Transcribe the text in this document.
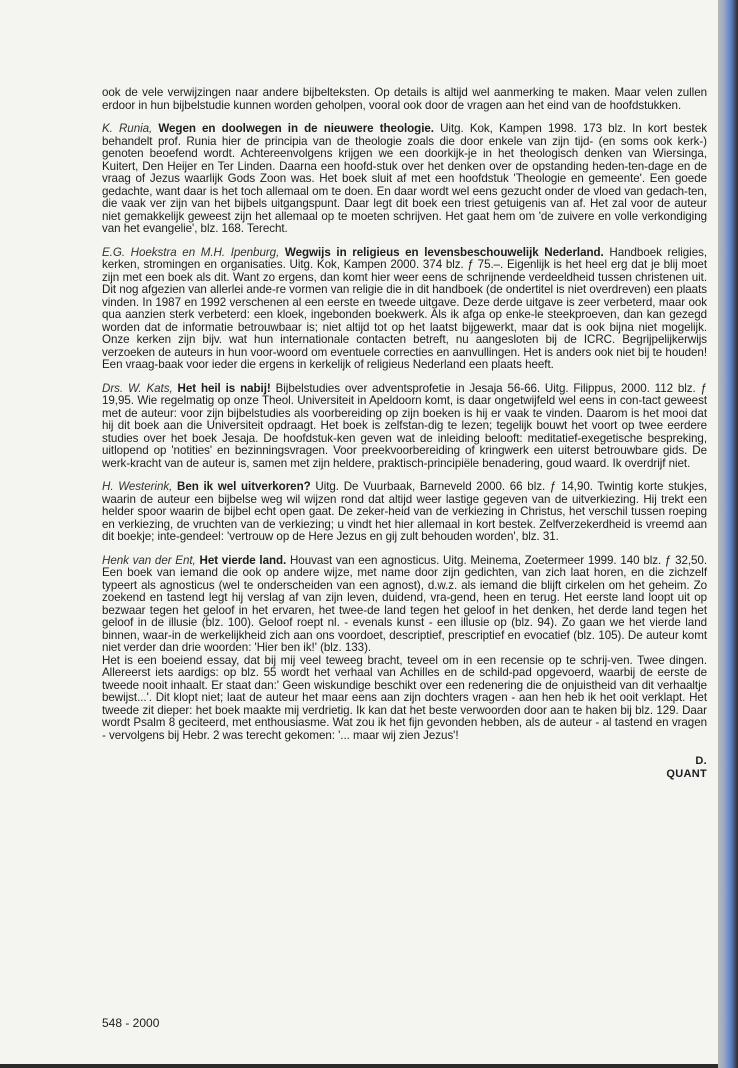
ook de vele verwijzingen naar andere bijbelteksten. Op details is altijd wel aanmerking te maken. Maar velen zullen erdoor in hun bijbelstudie kunnen worden geholpen, vooral ook door de vragen aan het eind van de hoofdstukken.

K. Runia, Wegen en doolwegen in de nieuwere theologie. Uitg. Kok, Kampen 1998. 173 blz. In kort bestek behandelt prof. Runia hier de principia van de theologie zoals die door enkele van zijn tijd- (en soms ook kerk-) genoten beoefend wordt. Achtereenvolgens krijgen we een doorkijk-je in het theologisch denken van Wiersinga, Kuitert, Den Heijer en Ter Linden. Daarna een hoofd-stuk over het denken over de opstanding heden-ten-dage en de vraag of Jezus waarlijk Gods Zoon was. Het boek sluit af met een hoofdstuk 'Theologie en gemeente'. Een goede gedachte, want daar is het toch allemaal om te doen. En daar wordt wel eens gezucht onder de vloed van gedach-ten, die vaak ver zijn van het bijbels uitgangspunt. Daar legt dit boek een triest getuigenis van af. Het zal voor de auteur niet gemakkelijk geweest zijn het allemaal op te moeten schrijven. Het gaat hem om 'de zuivere en volle verkondiging van het evangelie', blz. 168. Terecht.

E.G. Hoekstra en M.H. Ipenburg, Wegwijs in religieus en levensbeschouwelijk Nederland. Handboek religies, kerken, stromingen en organisaties. Uitg. Kok, Kampen 2000. 374 blz. ƒ 75.–. Eigenlijk is het heel erg dat je blij moet zijn met een boek als dit. Want zo ergens, dan komt hier weer eens de schrijnende verdeeldheid tussen christenen uit. Dit nog afgezien van allerlei ande-re vormen van religie die in dit handboek (de ondertitel is niet overdreven) een plaats vinden. In 1987 en 1992 verschenen al een eerste en tweede uitgave. Deze derde uitgave is zeer verbeterd, maar ook qua aanzien sterk verbeterd: een kloek, ingebonden boekwerk. Als ik afga op enke-le steekproeven, dan kan gezegd worden dat de informatie betrouwbaar is; niet altijd tot op het laatst bijgewerkt, maar dat is ook bijna niet mogelijk. Onze kerken zijn bijv. wat hun internationale contacten betreft, nu aangesloten bij de ICRC. Begrijpelijkerwijs verzoeken de auteurs in hun voor-woord om eventuele correcties en aanvullingen. Het is anders ook niet bij te houden! Een vraag-baak voor ieder die ergens in kerkelijk of religieus Nederland een plaats heeft.

Drs. W. Kats, Het heil is nabij! Bijbelstudies over adventsprofetie in Jesaja 56-66. Uitg. Filippus, 2000. 112 blz. ƒ 19,95. Wie regelmatig op onze Theol. Universiteit in Apeldoorn komt, is daar ongetwijfeld wel eens in con-tact geweest met de auteur: voor zijn bijbelstudies als voorbereiding op zijn boeken is hij er vaak te vinden. Daarom is het mooi dat hij dit boek aan die Universiteit opdraagt. Het boek is zelfstan-dig te lezen; tegelijk bouwt het voort op twee eerdere studies over het boek Jesaja. De hoofdstuk-ken geven wat de inleiding belooft: meditatief-exegetische bespreking, uitlopend op 'notities' en bezinningsvragen. Voor preekvoorbereiding of kringwerk een uiterst betrouwbare gids. De werk-kracht van de auteur is, samen met zijn heldere, praktisch-principiële benadering, goud waard. Ik overdrijf niet.

H. Westerink, Ben ik wel uitverkoren? Uitg. De Vuurbaak, Barneveld 2000. 66 blz. ƒ 14,90. Twintig korte stukjes, waarin de auteur een bijbelse weg wil wijzen rond dat altijd weer lastige gegeven van de uitverkiezing. Hij trekt een helder spoor waarin de bijbel echt open gaat. De zeker-heid van de verkiezing in Christus, het verschil tussen roeping en verkiezing, de vruchten van de verkiezing; u vindt het hier allemaal in kort bestek. Zelfverzekerdheid is vreemd aan dit boekje; inte-gendeel: 'vertrouw op de Here Jezus en gij zult behouden worden', blz. 31.

Henk van der Ent, Het vierde land. Houvast van een agnosticus. Uitg. Meinema, Zoetermeer 1999. 140 blz. ƒ 32,50. Een boek van iemand die ook op andere wijze, met name door zijn gedichten, van zich laat horen, en die zichzelf typeert als agnosticus (wel te onderscheiden van een agnost), d.w.z. als iemand die blijft cirkelen om het geheim. Zo zoekend en tastend legt hij verslag af van zijn leven, duidend, vra-gend, heen en terug. Het eerste land loopt uit op bezwaar tegen het geloof in het ervaren, het twee-de land tegen het geloof in het denken, het derde land tegen het geloof in de illusie (blz. 100). Geloof roept nl. - evenals kunst - een illusie op (blz. 94). Zo gaan we het vierde land binnen, waar-in de werkelijkheid zich aan ons voordoet, descriptief, prescriptief en evocatief (blz. 105). De auteur komt niet verder dan drie woorden: 'Hier ben ik!' (blz. 133).

Het is een boeiend essay, dat bij mij veel teweeg bracht, teveel om in een recensie op te schrij-ven. Twee dingen. Allereerst iets aardigs: op blz. 55 wordt het verhaal van Achilles en de schild-pad opgevoerd, waarbij de eerste de tweede nooit inhaalt. Er staat dan:' Geen wiskundige beschikt over een redenering die de onjuistheid van dit verhaaltje bewijst...'. Dit klopt niet; laat de auteur het maar eens aan zijn dochters vragen - aan hen heb ik het ooit verklapt. Het tweede zit dieper: het boek maakte mij verdrietig. Ik kan dat het beste verwoorden door aan te haken bij blz. 129. Daar wordt Psalm 8 geciteerd, met enthousiasme. Wat zou ik het fijn gevonden hebben, als de auteur - al tastend en vragen - vervolgens bij Hebr. 2 was terecht gekomen: '... maar wij zien Jezus'!

D. QUANT
548 - 2000
